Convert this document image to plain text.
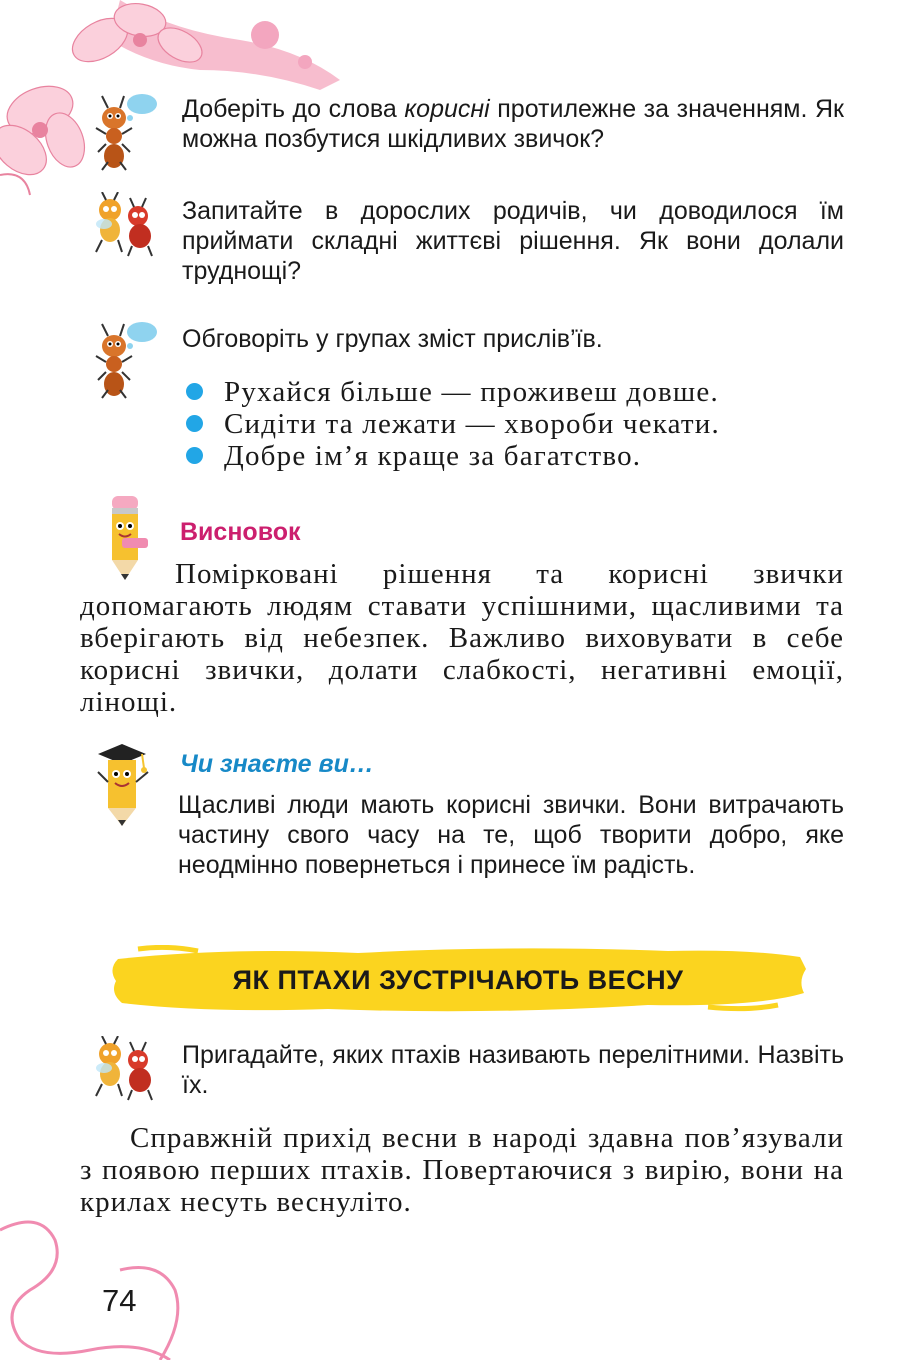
Доберіть до слова корисні протилежне за значенням. Як можна позбутися шкідливих звичок?
Запитайте в дорослих родичів, чи доводилося їм приймати складні життєві рішення. Як вони долали труднощі?
Обговоріть у групах зміст прислів’їв.
Рухайся більше — проживеш довше.
Сидіти та лежати — хвороби чекати.
Добре ім’я краще за багатство.
Висновок
Помірковані рішення та корисні звички допомагають людям ставати успішними, щасливими та вберігають від небезпек. Важливо виховувати в себе корисні звички, долати слабкості, негативні емоції, лінощі.
Чи знаєте ви…
Щасливі люди мають корисні звички. Вони витрачають частину свого часу на те, щоб творити добро, яке неодмінно повернеться і принесе їм радість.
ЯК ПТАХИ ЗУСТРІЧАЮТЬ ВЕСНУ
Пригадайте, яких птахів називають перелітними. Назвіть їх.
Справжній прихід весни в народі здавна пов’язували з появою перших птахів. Повертаючися з вирію, вони на крилах несуть веснуліто.
74
